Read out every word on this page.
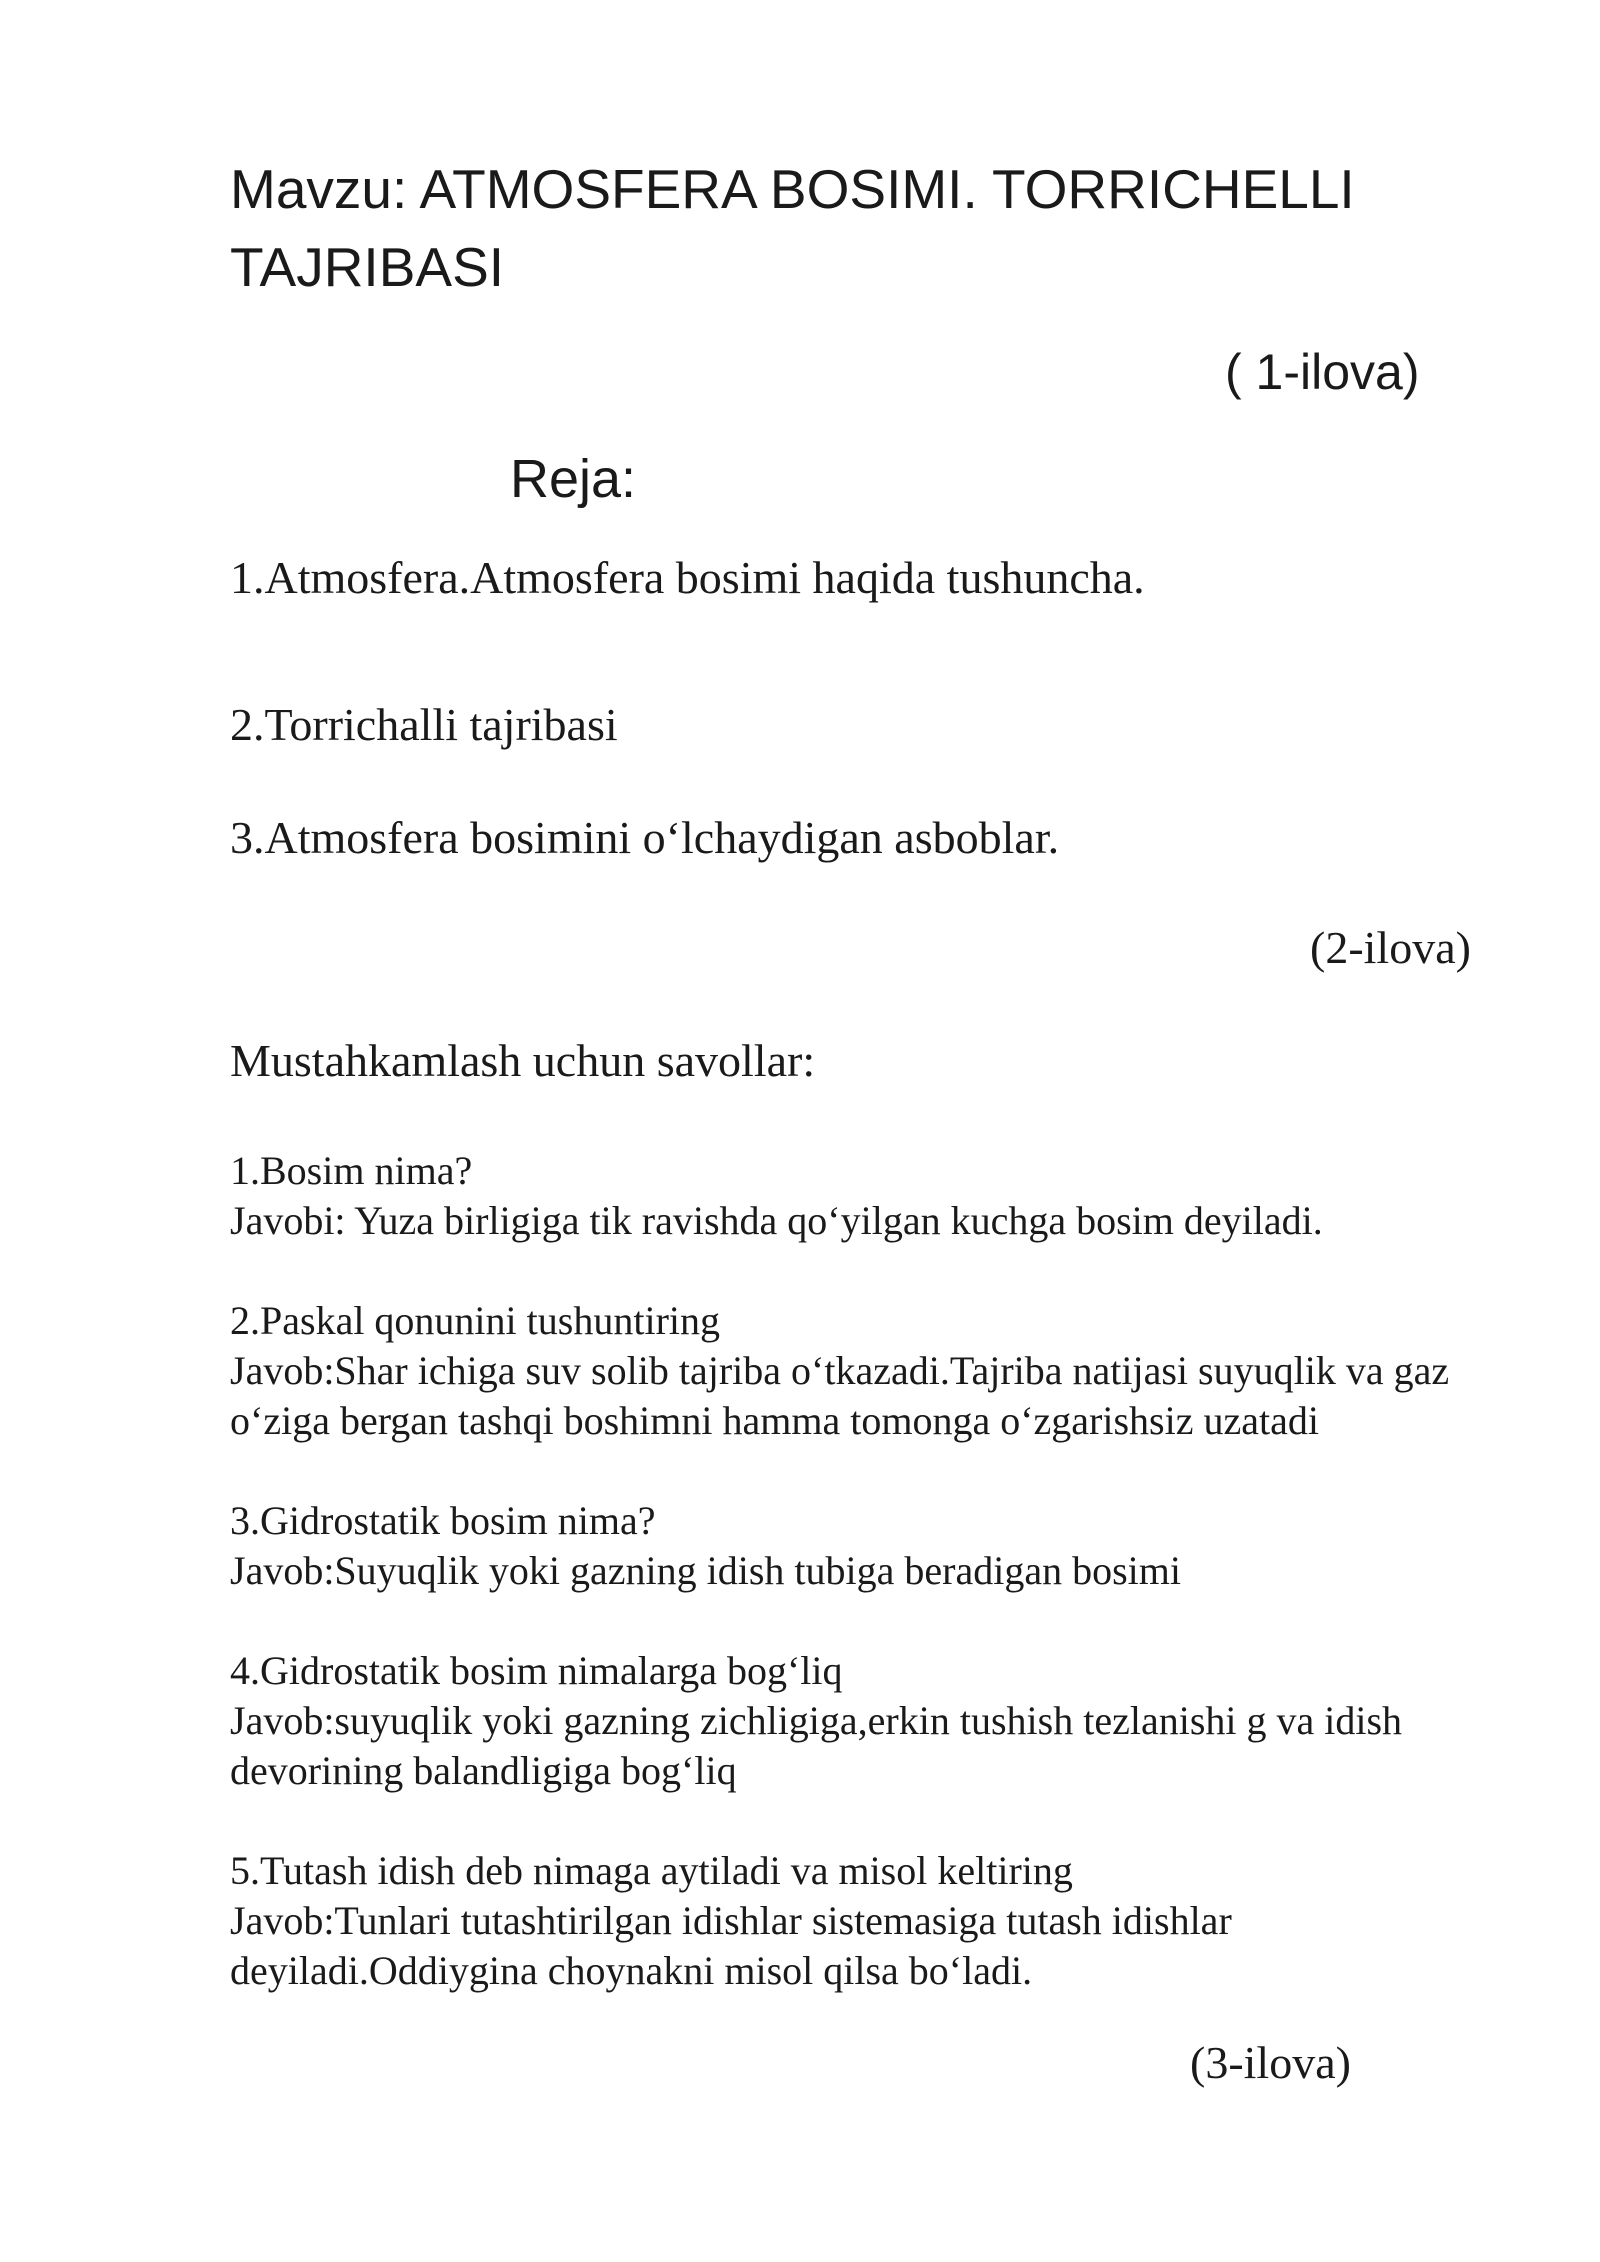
Mavzu: ATMOSFERA BOSIMI. TORRICHELLI TAJRIBASI
( 1-ilova)
Reja:
1.Atmosfera.Atmosfera bosimi haqida tushuncha.
2.Torrichalli tajribasi
3.Atmosfera bosimini o‘lchaydigan asboblar.
(2-ilova)
Mustahkamlash uchun savollar:
1.Bosim nima?
Javobi: Yuza birligiga tik ravishda qo‘yilgan kuchga bosim deyiladi.
2.Paskal qonunini tushuntiring
Javob:Shar ichiga suv solib tajriba o‘tkazadi.Tajriba natijasi suyuqlik va gaz o‘ziga bergan tashqi boshimni hamma tomonga o‘zgarishsiz uzatadi
3.Gidrostatik bosim nima?
Javob:Suyuqlik yoki gazning idish tubiga beradigan bosimi
4.Gidrostatik bosim nimalarga bog‘liq
Javob:suyuqlik yoki gazning zichligiga,erkin tushish tezlanishi g va idish devorining balandligiga bog‘liq
5.Tutash idish deb nimaga aytiladi va misol keltiring
Javob:Tunlari tutashtirilgan idishlar sistemasiga tutash idishlar deyiladi.Oddiygina choynakni misol qilsa bo‘ladi.
(3-ilova)
